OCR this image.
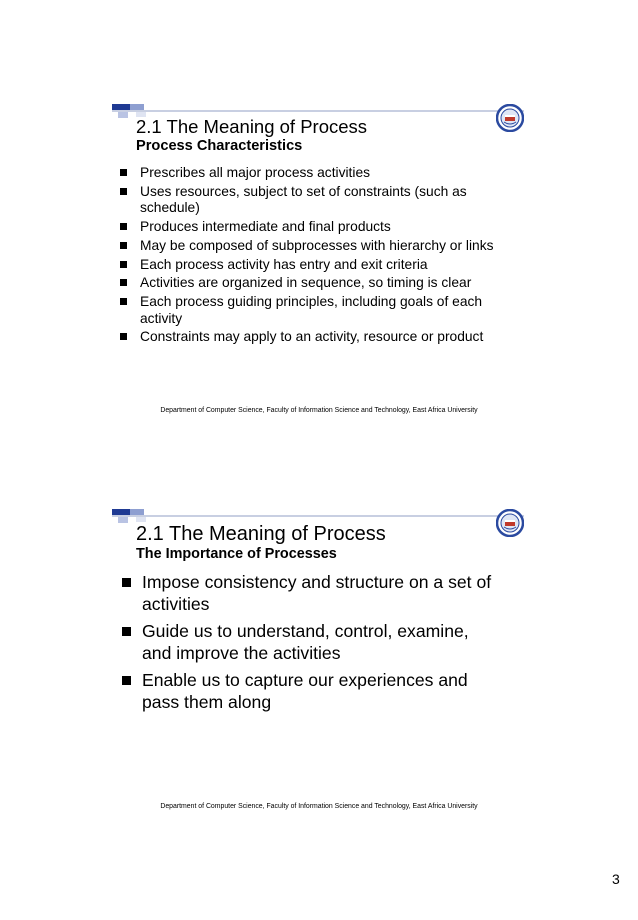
2.1 The Meaning of Process
Process Characteristics
Prescribes all major process activities
Uses resources, subject to set of constraints (such as schedule)
Produces intermediate and final products
May be composed of subprocesses with hierarchy or links
Each process activity has entry and exit criteria
Activities are organized in sequence, so timing is clear
Each process guiding principles, including goals of each activity
Constraints may apply to an activity, resource or product
Department of Computer Science, Faculty of Information Science and Technology, East Africa University
2.1 The Meaning of Process
The Importance of Processes
Impose consistency and structure on a set of activities
Guide us to understand, control, examine, and improve the activities
Enable us to capture our experiences and pass them along
Department of Computer Science, Faculty of Information Science and Technology, East Africa University
3
